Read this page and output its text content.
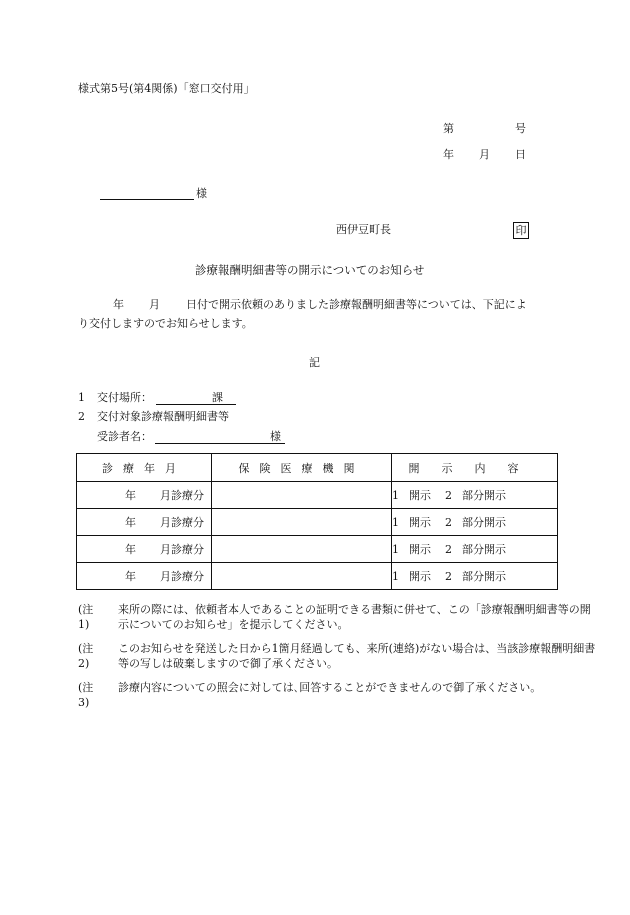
様式第5号(第4関係)「窓口交付用」
第	号
年 月 日
様
西伊豆町長	印
診療報酬明細書等の開示についてのお知らせ
年 月 日付で開示依頼のありました診療報酬明細書等については、下記によ
り交付しますのでお知らせします。
記
1 交付場所：	課
2 交付対象診療報酬明細書等
受診者名：	様
診療年月	保険医療機関	開示内容
年 月診療分		1 開示 2 部分開示
年 月診療分		1 開示 2 部分開示
年 月診療分		1 開示 2 部分開示
年 月診療分		1 開示 2 部分開示
(注1)
来所の際には、依頼者本人であることの証明できる書類に併せて、この「診療報酬明細書等の開示についてのお知らせ」を提示してください。
(注2)
このお知らせを発送した日から1箇月経過しても、来所(連絡)がない場合は、当該診療報酬明細書等の写しは破棄しますので御了承ください。
(注3)
診療内容についての照会に対しては､回答することができませんので御了承ください。
